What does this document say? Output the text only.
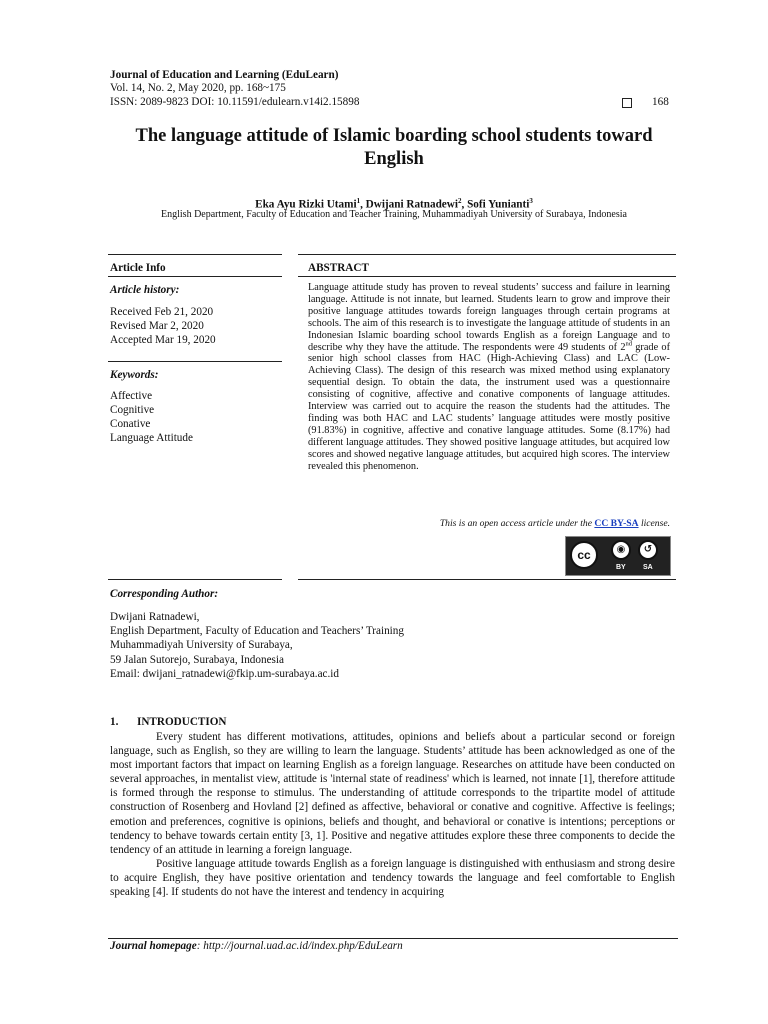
Journal of Education and Learning (EduLearn)
Vol. 14, No. 2, May 2020, pp. 168~175
ISSN: 2089-9823 DOI: 10.11591/edulearn.v14i2.15898	168
The language attitude of Islamic boarding school students toward English
Eka Ayu Rizki Utami$^1$, Dwijani Ratnadewi$^2$, Sofi Yunianti$^3$
English Department, Faculty of Education and Teacher Training, Muhammadiyah University of Surabaya, Indonesia
Article Info
Article history:
Received Feb 21, 2020
Revised Mar 2, 2020
Accepted Mar 19, 2020
Keywords:
Affective
Cognitive
Conative
Language Attitude
ABSTRACT
Language attitude study has proven to reveal students’ success and failure in learning language. Attitude is not innate, but learned. Students learn to grow and improve their positive language attitudes towards foreign languages through certain programs at schools. The aim of this research is to investigate the language attitude of students in an Indonesian Islamic boarding school towards English as a foreign Language and to describe why they have the attitude. The respondents were 49 students of 2nd grade of senior high school classes from HAC (High-Achieving Class) and LAC (Low-Achieving Class). The design of this research was mixed method using explanatory sequential design. To obtain the data, the instrument used was a questionnaire consisting of cognitive, affective and conative components of language attitudes. Interview was carried out to acquire the reason the students had the attitudes. The finding was both HAC and LAC students’ language attitudes were mostly positive (91.83%) in cognitive, affective and conative language attitudes. Some (8.17%) had different language attitudes. They showed positive language attitudes, but acquired low scores and showed negative language attitudes, but acquired high scores. The interview revealed this phenomenon.
This is an open access article under the CC BY-SA license.
cc	◉	↺
BY SA
Corresponding Author:
Dwijani Ratnadewi,
English Department, Faculty of Education and Teachers’ Training
Muhammadiyah University of Surabaya,
59 Jalan Sutorejo, Surabaya, Indonesia
Email: dwijani_ratnadewi@fkip.um-surabaya.ac.id
1. INTRODUCTION

Every student has different motivations, attitudes, opinions and beliefs about a particular second or foreign language, such as English, so they are willing to learn the language. Students’ attitude has been acknowledged as one of the most important factors that impact on learning English as a foreign language. Researches on attitude have been conducted on several approaches, in mentalist view, attitude is 'internal state of readiness' which is learned, not innate [1], therefore attitude is formed through the response to stimulus. The understanding of attitude corresponds to the tripartite model of attitude construction of Rosenberg and Hovland [2] defined as affective, behavioral or conative and cognitive. Affective is feelings; emotion and preferences, cognitive is opinions, beliefs and thought, and behavioral or conative is intentions; perceptions or tendency to behave towards certain entity [3, 1]. Positive and negative attitudes explore these three components to decide the tendency of an attitude in learning a foreign language.

Positive language attitude towards English as a foreign language is distinguished with enthusiasm and strong desire to acquire English, they have positive orientation and tendency towards the language and feel comfortable to English speaking [4]. If students do not have the interest and tendency in acquiring

Journal homepage: http://journal.uad.ac.id/index.php/EduLearn
